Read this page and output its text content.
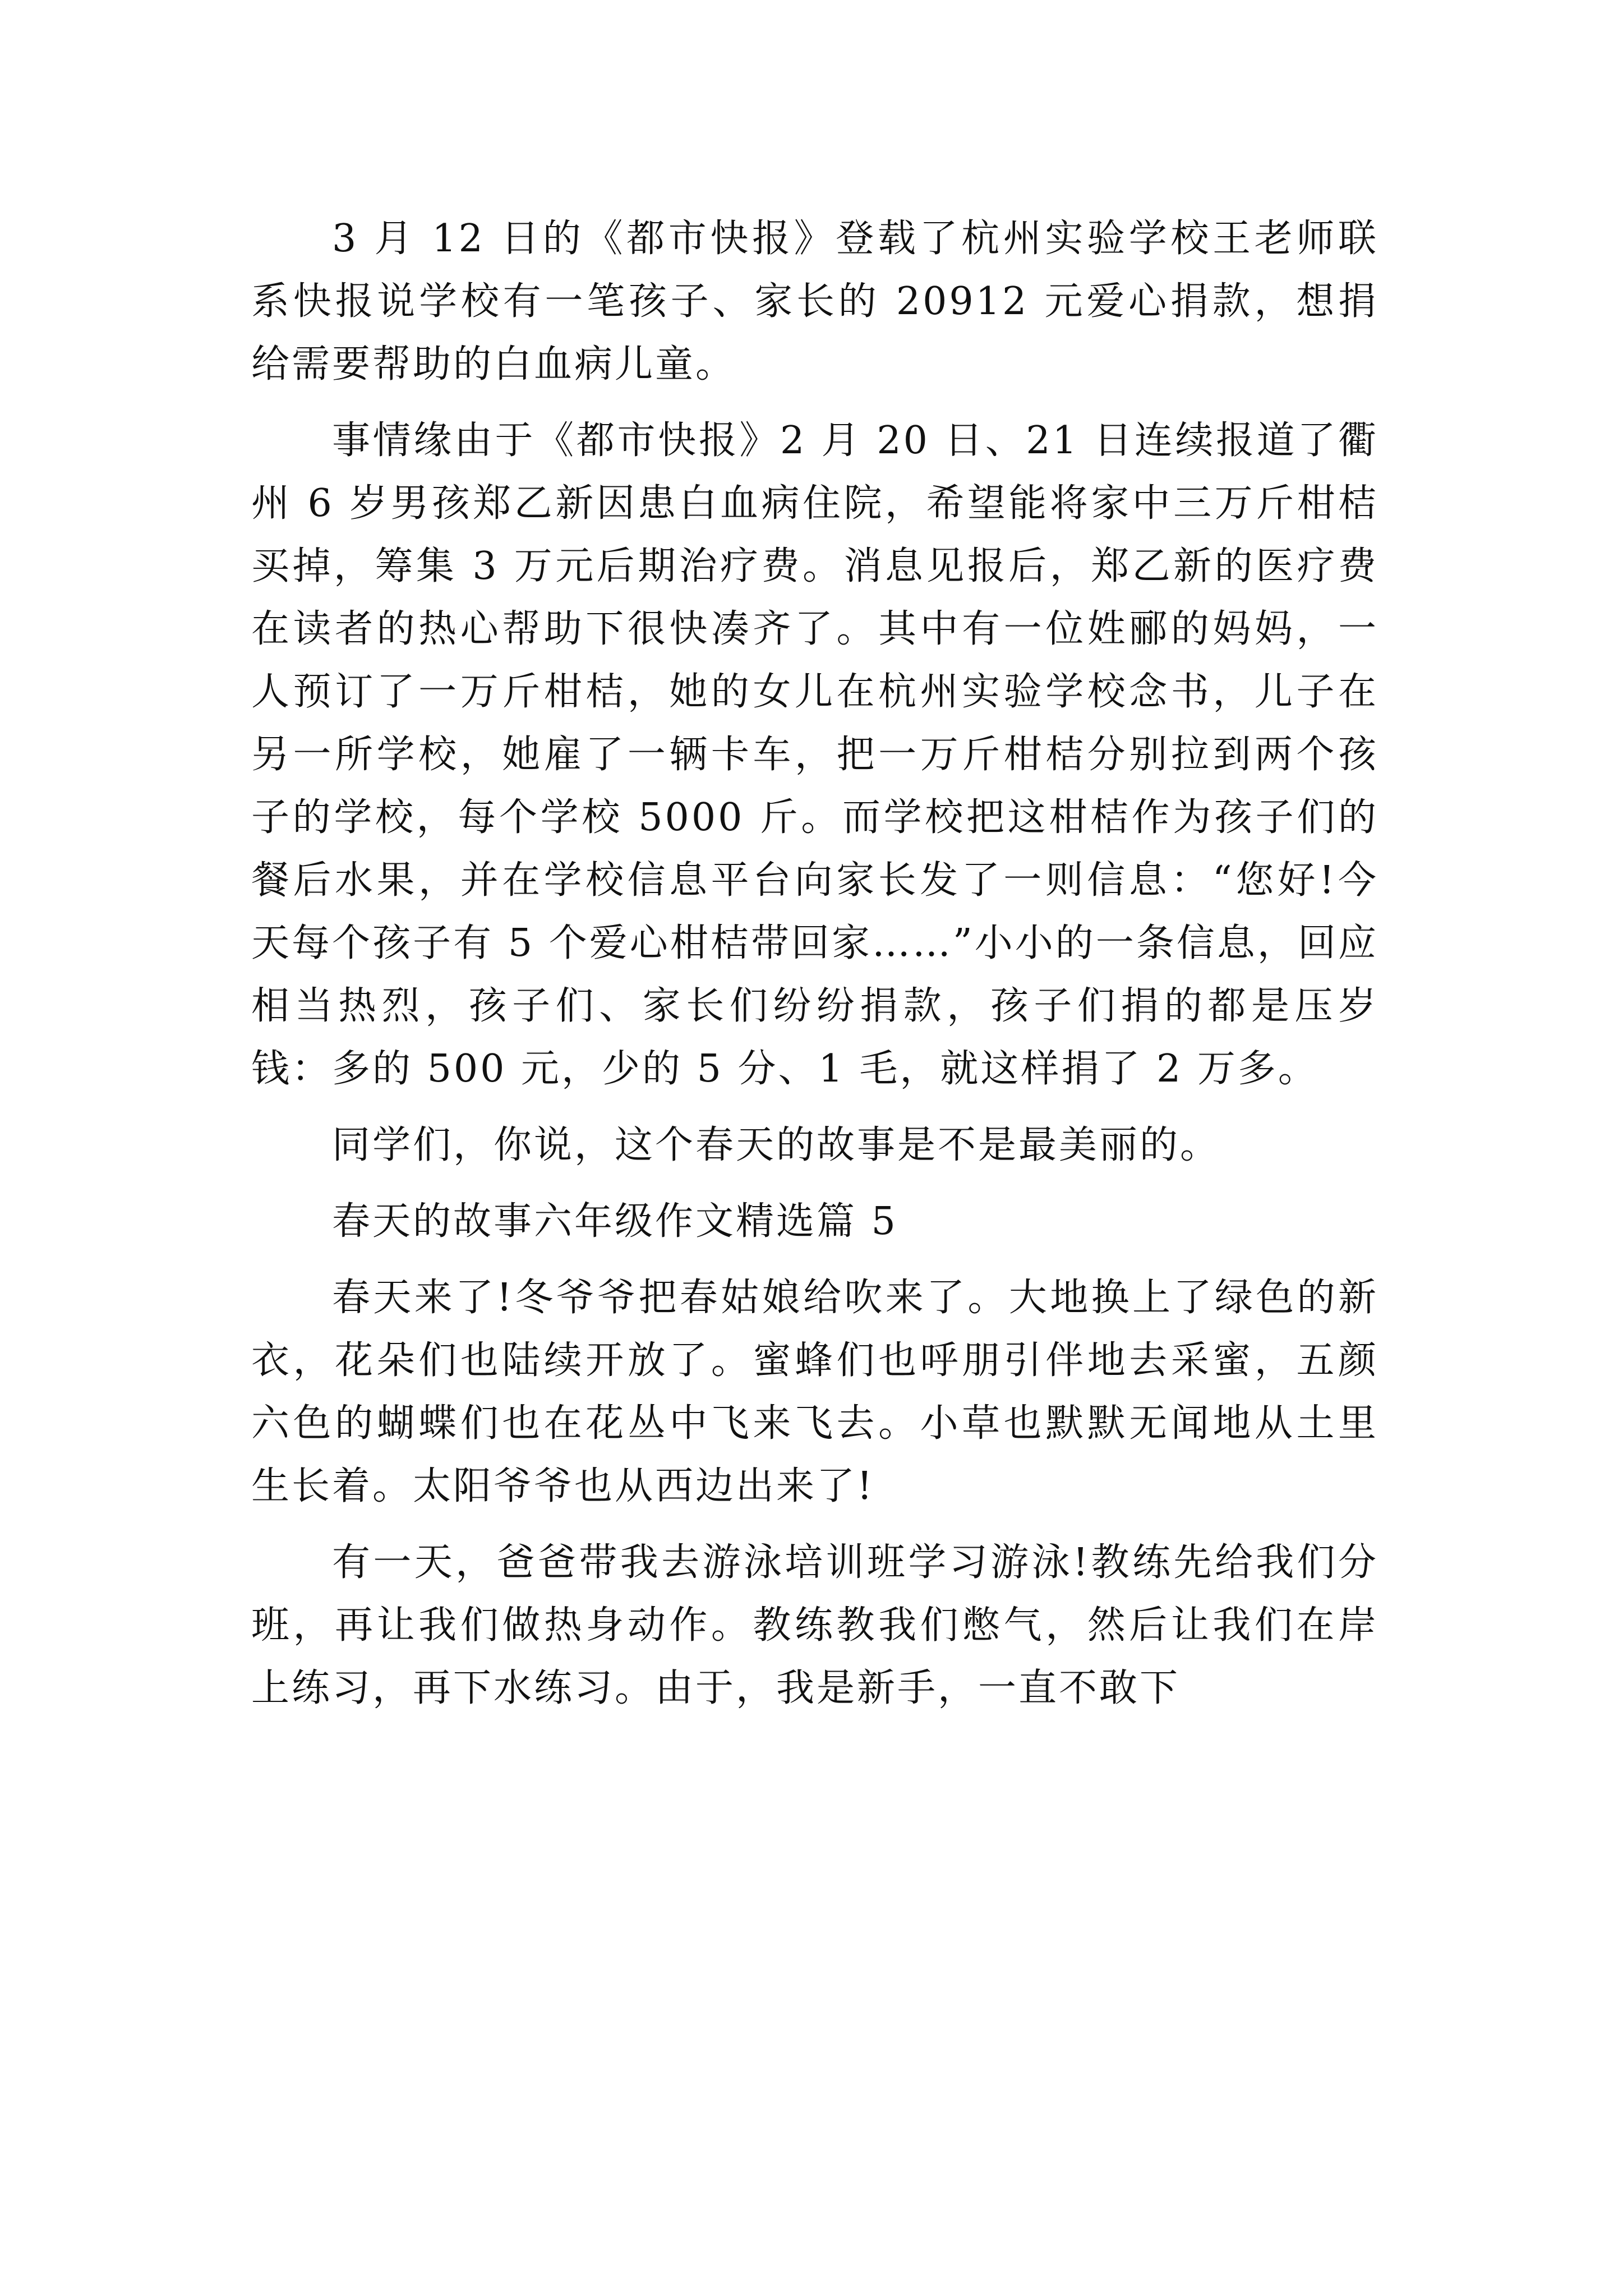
3 月 12 日的《都市快报》登载了杭州实验学校王老师联系快报说学校有一笔孩子、家长的 20912 元爱心捐款，想捐给需要帮助的白血病儿童。

事情缘由于《都市快报》2 月 20 日、21 日连续报道了衢州 6 岁男孩郑乙新因患白血病住院，希望能将家中三万斤柑桔买掉，筹集 3 万元后期治疗费。消息见报后，郑乙新的医疗费在读者的热心帮助下很快凑齐了。其中有一位姓郦的妈妈，一人预订了一万斤柑桔，她的女儿在杭州实验学校念书，儿子在另一所学校，她雇了一辆卡车，把一万斤柑桔分别拉到两个孩子的学校，每个学校 5000 斤。而学校把这柑桔作为孩子们的餐后水果，并在学校信息平台向家长发了一则信息：“您好!今天每个孩子有 5 个爱心柑桔带回家……”小小的一条信息，回应相当热烈，孩子们、家长们纷纷捐款，孩子们捐的都是压岁钱：多的 500 元，少的 5 分、1 毛，就这样捐了 2 万多。

同学们，你说，这个春天的故事是不是最美丽的。

春天的故事六年级作文精选篇 5

春天来了!冬爷爷把春姑娘给吹来了。大地换上了绿色的新衣，花朵们也陆续开放了。蜜蜂们也呼朋引伴地去采蜜，五颜六色的蝴蝶们也在花丛中飞来飞去。小草也默默无闻地从土里生长着。太阳爷爷也从西边出来了!

有一天，爸爸带我去游泳培训班学习游泳!教练先给我们分班，再让我们做热身动作。教练教我们憋气，然后让我们在岸上练习，再下水练习。由于，我是新手，一直不敢下
